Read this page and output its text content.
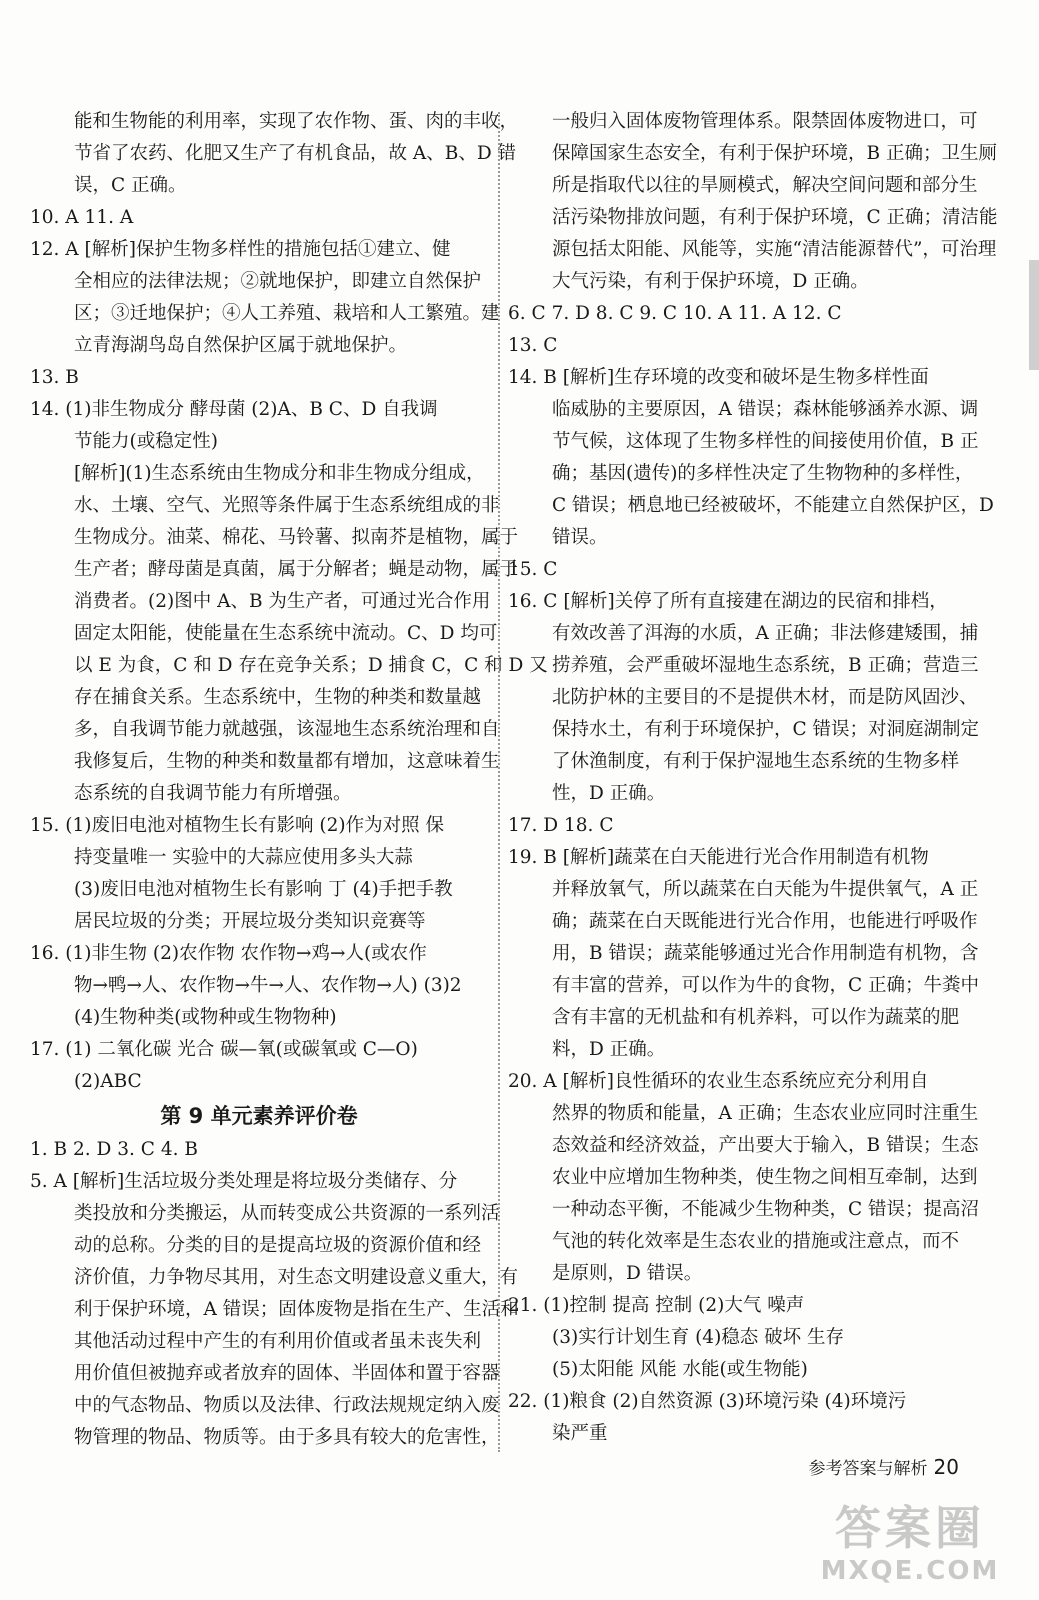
能和生物能的利用率，实现了农作物、蛋、肉的丰收，
节省了农药、化肥又生产了有机食品，故 A、B、D 错
误，C 正确。
10. A 11. A
12. A [解析]保护生物多样性的措施包括①建立、健
全相应的法律法规；②就地保护，即建立自然保护
区；③迁地保护；④人工养殖、栽培和人工繁殖。建
立青海湖鸟岛自然保护区属于就地保护。
13. B
14. (1)非生物成分 酵母菌 (2)A、B C、D 自我调
节能力(或稳定性)
[解析](1)生态系统由生物成分和非生物成分组成，
水、土壤、空气、光照等条件属于生态系统组成的非
生物成分。油菜、棉花、马铃薯、拟南芥是植物，属于
生产者；酵母菌是真菌，属于分解者；蝇是动物，属于
消费者。(2)图中 A、B 为生产者，可通过光合作用
固定太阳能，使能量在生态系统中流动。C、D 均可
以 E 为食，C 和 D 存在竞争关系；D 捕食 C，C 和 D 又
存在捕食关系。生态系统中，生物的种类和数量越
多，自我调节能力就越强，该湿地生态系统治理和自
我修复后，生物的种类和数量都有增加，这意味着生
态系统的自我调节能力有所增强。
15. (1)废旧电池对植物生长有影响 (2)作为对照 保
持变量唯一 实验中的大蒜应使用多头大蒜
(3)废旧电池对植物生长有影响 丁 (4)手把手教
居民垃圾的分类；开展垃圾分类知识竞赛等
16. (1)非生物 (2)农作物 农作物→鸡→人(或农作
物→鸭→人、农作物→牛→人、农作物→人) (3)2
(4)生物种类(或物种或生物物种)
17. (1) 二氧化碳 光合 碳—氧(或碳氧或 C—O)
(2)ABC
第 9 单元素养评价卷
1. B 2. D 3. C 4. B
5. A [解析]生活垃圾分类处理是将垃圾分类储存、分
类投放和分类搬运，从而转变成公共资源的一系列活
动的总称。分类的目的是提高垃圾的资源价值和经
济价值，力争物尽其用，对生态文明建设意义重大，有
利于保护环境，A 错误；固体废物是指在生产、生活和
其他活动过程中产生的有利用价值或者虽未丧失利
用价值但被抛弃或者放弃的固体、半固体和置于容器
中的气态物品、物质以及法律、行政法规规定纳入废
物管理的物品、物质等。由于多具有较大的危害性，
一般归入固体废物管理体系。限禁固体废物进口，可
保障国家生态安全，有利于保护环境，B 正确；卫生厕
所是指取代以往的旱厕模式，解决空间问题和部分生
活污染物排放问题，有利于保护环境，C 正确；清洁能
源包括太阳能、风能等，实施“清洁能源替代”，可治理
大气污染，有利于保护环境，D 正确。
6. C 7. D 8. C 9. C 10. A 11. A 12. C
13. C
14. B [解析]生存环境的改变和破坏是生物多样性面
临威胁的主要原因，A 错误；森林能够涵养水源、调
节气候，这体现了生物多样性的间接使用价值，B 正
确；基因(遗传)的多样性决定了生物物种的多样性，
C 错误；栖息地已经被破坏，不能建立自然保护区，D
错误。
15. C
16. C [解析]关停了所有直接建在湖边的民宿和排档，
有效改善了洱海的水质，A 正确；非法修建矮围，捕
捞养殖，会严重破坏湿地生态系统，B 正确；营造三
北防护林的主要目的不是提供木材，而是防风固沙、
保持水土，有利于环境保护，C 错误；对洞庭湖制定
了休渔制度，有利于保护湿地生态系统的生物多样
性，D 正确。
17. D 18. C
19. B [解析]蔬菜在白天能进行光合作用制造有机物
并释放氧气，所以蔬菜在白天能为牛提供氧气，A 正
确；蔬菜在白天既能进行光合作用，也能进行呼吸作
用，B 错误；蔬菜能够通过光合作用制造有机物，含
有丰富的营养，可以作为牛的食物，C 正确；牛粪中
含有丰富的无机盐和有机养料，可以作为蔬菜的肥
料，D 正确。
20. A [解析]良性循环的农业生态系统应充分利用自
然界的物质和能量，A 正确；生态农业应同时注重生
态效益和经济效益，产出要大于输入，B 错误；生态
农业中应增加生物种类，使生物之间相互牵制，达到
一种动态平衡，不能减少生物种类，C 错误；提高沼
气池的转化效率是生态农业的措施或注意点，而不
是原则，D 错误。
21. (1)控制 提高 控制 (2)大气 噪声
(3)实行计划生育 (4)稳态 破坏 生存
(5)太阳能 风能 水能(或生物能)
22. (1)粮食 (2)自然资源 (3)环境污染 (4)环境污
染严重
参考答案与解析 20
答案圈
MXQE.COM
